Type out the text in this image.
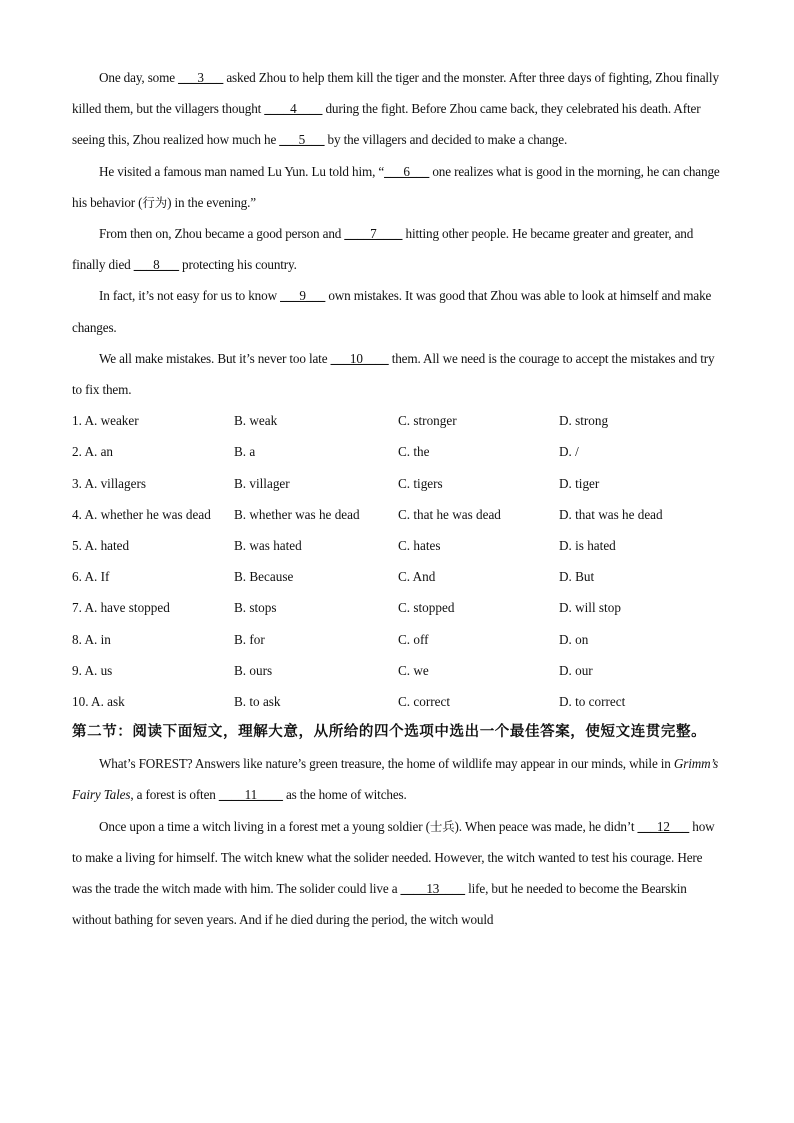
One day, some ___3___ asked Zhou to help them kill the tiger and the monster. After three days of fighting, Zhou finally killed them, but the villagers thought ____4____ during the fight. Before Zhou came back, they celebrated his death. After seeing this, Zhou realized how much he ___5___ by the villagers and decided to make a change.

He visited a famous man named Lu Yun. Lu told him, “___6___ one realizes what is good in the morning, he can change his behavior (行为) in the evening.”

From then on, Zhou became a good person and ____7____ hitting other people. He became greater and greater, and finally died ___8___ protecting his country.

In fact, it’s not easy for us to know ___9___ own mistakes. It was good that Zhou was able to look at himself and make changes.

We all make mistakes. But it’s never too late ___10____ them. All we need is the courage to accept the mistakes and try to fix them.

1. A. weaker	B. weak	C. stronger	D. strong
2. A. an	B. a	C. the	D. /
3. A. villagers	B. villager	C. tigers	D. tiger
4. A. whether he was dead	B. whether was he dead	C. that he was dead	D. that was he dead
5. A. hated	B. was hated	C. hates	D. is hated
6. A. If	B. Because	C. And	D. But
7. A. have stopped	B. stops	C. stopped	D. will stop
8. A. in	B. for	C. off	D. on
9. A. us	B. ours	C. we	D. our
10. A. ask	B. to ask	C. correct	D. to correct

第二节：阅读下面短文，理解大意，从所给的四个选项中选出一个最佳答案，使短文连贯完整。

What’s FOREST? Answers like nature’s green treasure, the home of wildlife may appear in our minds, while in Grimm’s Fairy Tales, a forest is often ____11____ as the home of witches.

Once upon a time a witch living in a forest met a young soldier (士兵). When peace was made, he didn’t ___12___ how to make a living for himself. The witch knew what the solider needed. However, the witch wanted to test his courage. Here was the trade the witch made with him. The solider could live a ____13____ life, but he needed to become the Bearskin without bathing for seven years. And if he died during the period, the witch would
